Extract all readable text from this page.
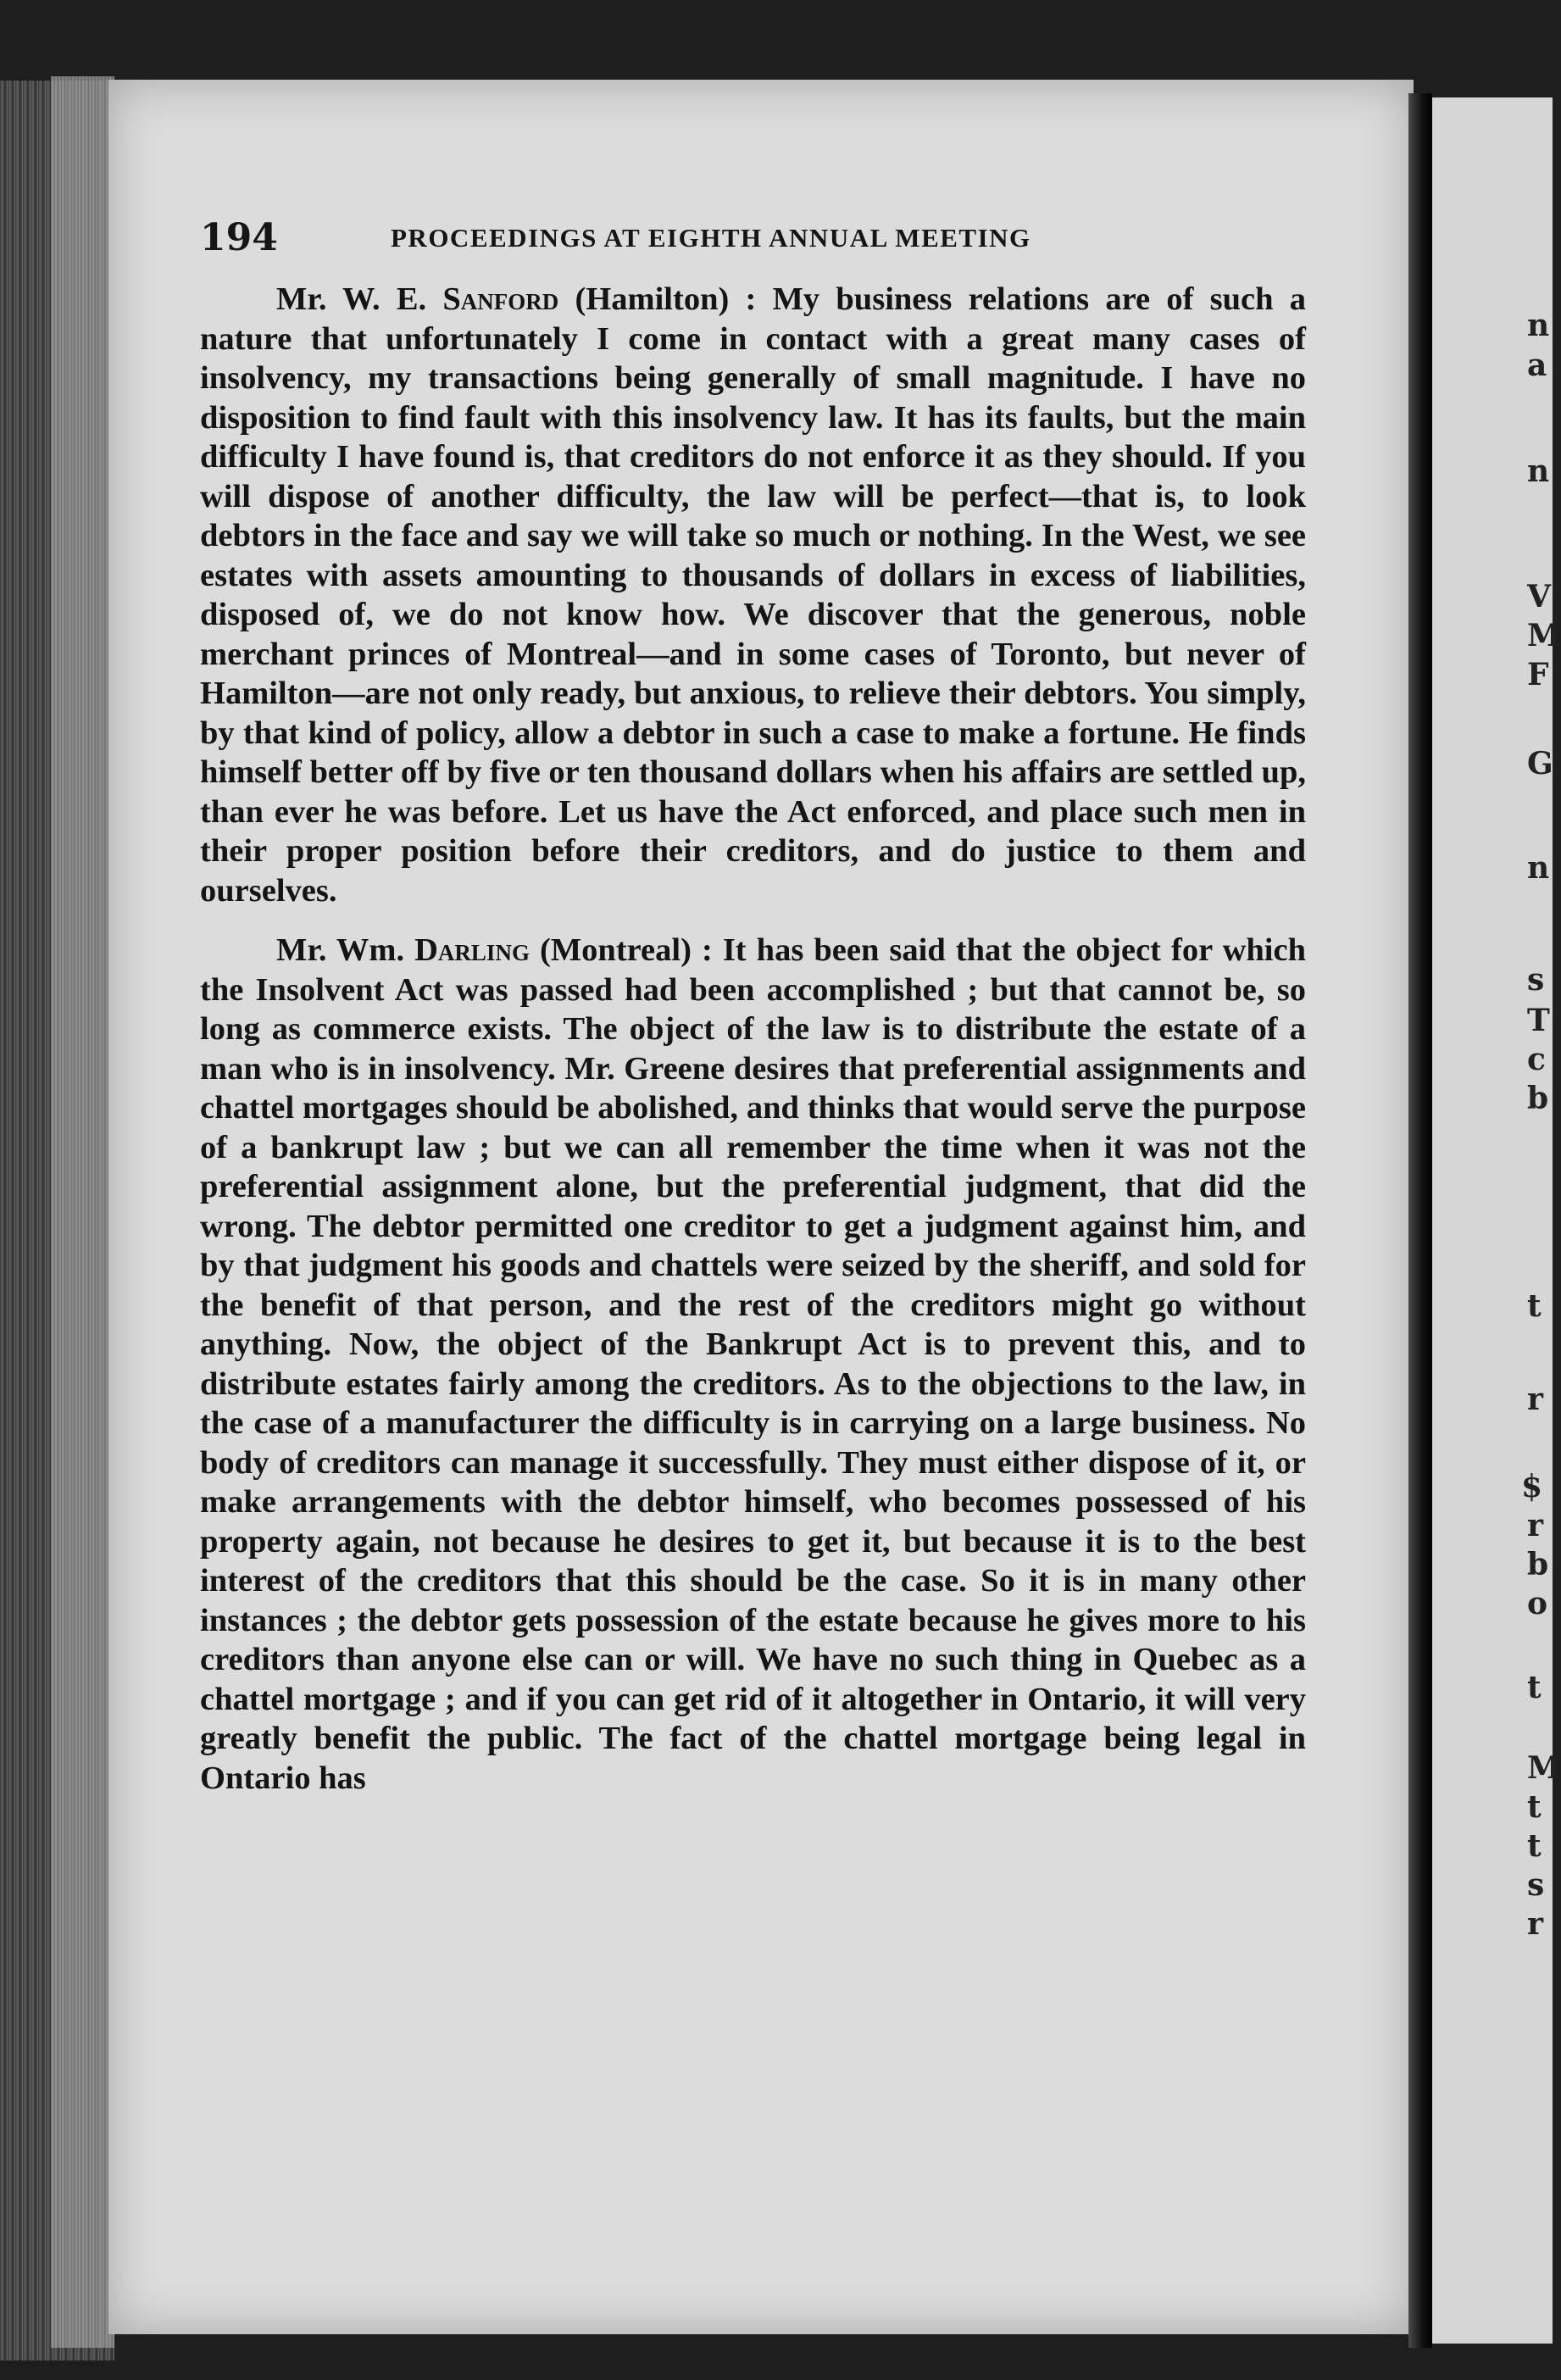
n
a
n
V
M
F
G
n
s
T
c
b
t
r
$
r
b
o
t
M
t
t
s
r
194	PROCEEDINGS AT EIGHTH ANNUAL MEETING

Mr. W. E. Sanford (Hamilton) : My business relations are of such a nature that unfortunately I come in contact with a great many cases of insolvency, my transactions being generally of small magnitude. I have no disposition to find fault with this insolvency law. It has its faults, but the main difficulty I have found is, that creditors do not enforce it as they should. If you will dispose of another difficulty, the law will be perfect—that is, to look debtors in the face and say we will take so much or nothing. In the West, we see estates with assets amounting to thousands of dollars in excess of liabilities, disposed of, we do not know how. We discover that the generous, noble merchant princes of Montreal—and in some cases of Toronto, but never of Hamilton—are not only ready, but anxious, to relieve their debtors. You simply, by that kind of policy, allow a debtor in such a case to make a fortune. He finds himself better off by five or ten thousand dollars when his affairs are settled up, than ever he was before. Let us have the Act enforced, and place such men in their proper position before their creditors, and do justice to them and ourselves.

Mr. Wm. Darling (Montreal) : It has been said that the object for which the Insolvent Act was passed had been accomplished ; but that cannot be, so long as commerce exists. The object of the law is to distribute the estate of a man who is in insolvency. Mr. Greene desires that preferential assignments and chattel mortgages should be abolished, and thinks that would serve the purpose of a bankrupt law ; but we can all remember the time when it was not the preferential assignment alone, but the preferential judgment, that did the wrong. The debtor permitted one creditor to get a judgment against him, and by that judgment his goods and chattels were seized by the sheriff, and sold for the benefit of that person, and the rest of the creditors might go without anything. Now, the object of the Bankrupt Act is to prevent this, and to distribute estates fairly among the creditors. As to the objections to the law, in the case of a manufacturer the difficulty is in carrying on a large business. No body of creditors can manage it successfully. They must either dispose of it, or make arrangements with the debtor himself, who becomes possessed of his property again, not because he desires to get it, but because it is to the best interest of the creditors that this should be the case. So it is in many other instances ; the debtor gets possession of the estate because he gives more to his creditors than anyone else can or will. We have no such thing in Quebec as a chattel mortgage ; and if you can get rid of it altogether in Ontario, it will very greatly benefit the public. The fact of the chattel mortgage being legal in Ontario has
